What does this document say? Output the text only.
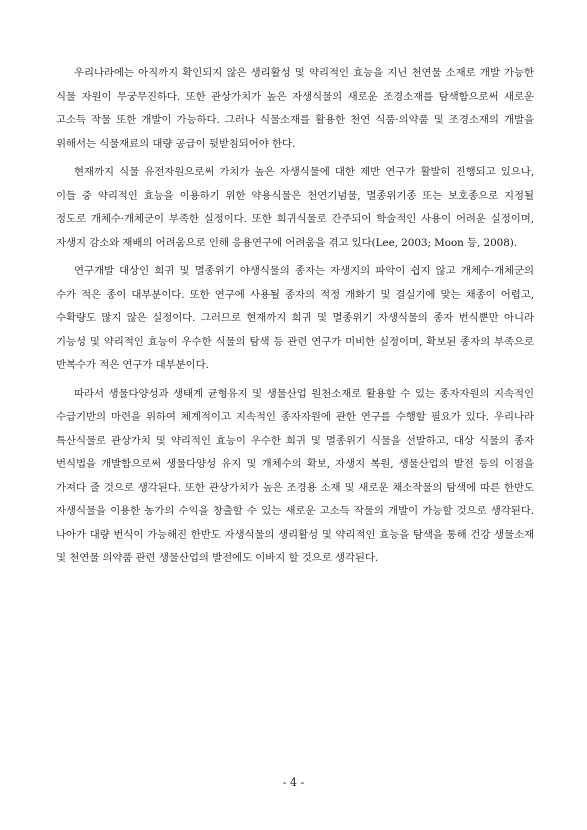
우리나라에는 아직까지 확인되지 않은 생리활성 및 약리적인 효능을 지닌 천연물 소재로 개발 가능한 식물 자원이 무궁무진하다. 또한 관상가치가 높은 자생식물의 새로운 조경소재를 탐색함으로써 새로운 고소득 작물 또한 개발이 가능하다. 그러나 식물소재를 활용한 천연 식품·의약품 및 조경소재의 개발을 위해서는 식물재료의 대량 공급이 뒷받침되어야 한다.

현재까지 식물 유전자원으로써 가치가 높은 자생식물에 대한 제반 연구가 활발히 진행되고 있으나, 이들 중 약리적인 효능을 이용하기 위한 약용식물은 천연기념물, 멸종위기종 또는 보호종으로 지정될 정도로 개체수·개체군이 부족한 실정이다. 또한 희귀식물로 간주되어 학술적인 사용이 어려운 실정이며, 자생지 감소와 재배의 어려움으로 인해 응용연구에 어려움을 겪고 있다(Lee, 2003; Moon 등, 2008).

연구개발 대상인 희귀 및 멸종위기 야생식물의 종자는 자생지의 파악이 쉽지 않고 개체수·개체군의 수가 적은 종이 대부분이다. 또한 연구에 사용될 종자의 적정 개화기 및 결실기에 맞는 채종이 어렵고, 수확량도 많지 않은 실정이다. 그러므로 현재까지 희귀 및 멸종위기 자생식물의 종자 번식뿐만 아니라 기능성 및 약리적인 효능이 우수한 식물의 탐색 등 관련 연구가 미비한 실정이며, 확보된 종자의 부족으로 반복수가 적은 연구가 대부분이다.

따라서 생물다양성과 생태계 균형유지 및 생물산업 원천소재로 활용할 수 있는 종자자원의 지속적인 수급기반의 마련을 위하여 체계적이고 지속적인 종자자원에 관한 연구를 수행할 필요가 있다. 우리나라 특산식물로 관상가치 및 약리적인 효능이 우수한 희귀 및 멸종위기 식물을 선발하고, 대상 식물의 종자 번식법을 개발함으로써 생물다양성 유지 및 개체수의 확보, 자생지 복원, 생물산업의 발전 등의 이점을 가져다 줄 것으로 생각된다. 또한 관상가치가 높은 조경용 소재 및 새로운 채소작물의 탐색에 따른 한반도 자생식물을 이용한 농가의 수익을 창출할 수 있는 새로운 고소득 작물의 개발이 가능할 것으로 생각된다. 나아가 대량 번식이 가능해진 한반도 자생식물의 생리활성 및 약리적인 효능을 탐색을 통해 건강 생물소재 및 천연물 의약품 관련 생물산업의 발전에도 이바지 할 것으로 생각된다.

- 4 -
